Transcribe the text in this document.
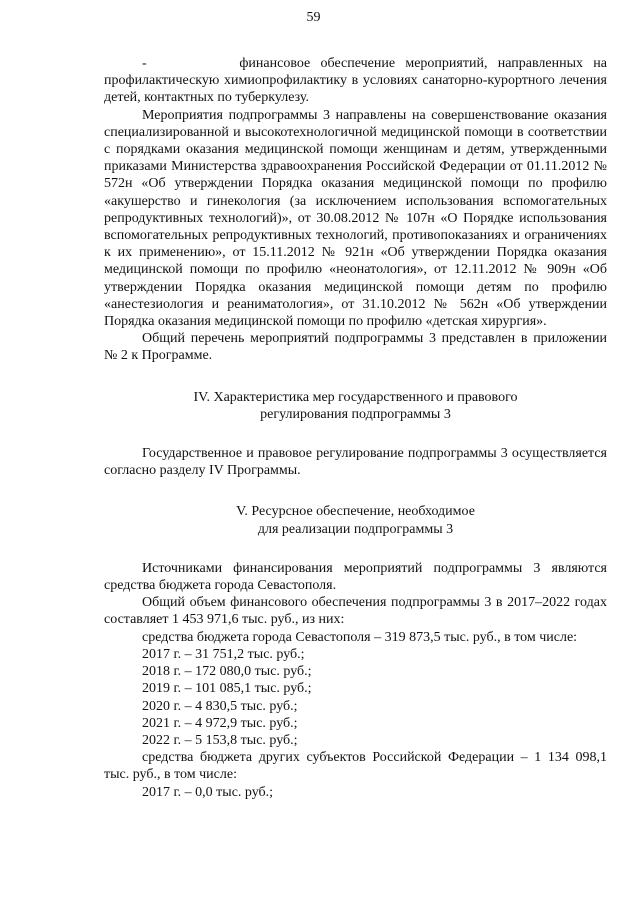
59

-         финансовое обеспечение мероприятий, направленных на профилактическую химиопрофилактику в условиях санаторно-курортного лечения детей, контактных по туберкулезу.

Мероприятия подпрограммы 3 направлены на совершенствование оказания специализированной и высокотехнологичной медицинской помощи в соответствии с порядками оказания медицинской помощи женщинам и детям, утвержденными приказами Министерства здравоохранения Российской Федерации от 01.11.2012 № 572н «Об утверждении Порядка оказания медицинской помощи по профилю «акушерство и гинекология (за исключением использования вспомогательных репродуктивных технологий)», от 30.08.2012 № 107н «О Порядке использования вспомогательных репродуктивных технологий, противопоказаниях и ограничениях к их применению», от 15.11.2012 № 921н «Об утверждении Порядка оказания медицинской помощи по профилю «неонатология», от 12.11.2012 № 909н «Об утверждении Порядка оказания медицинской помощи детям по профилю «анестезиология и реаниматология», от 31.10.2012 № 562н «Об утверждении Порядка оказания медицинской помощи по профилю «детская хирургия».

Общий перечень мероприятий подпрограммы 3 представлен в приложении № 2 к Программе.

IV. Характеристика мер государственного и правового
регулирования подпрограммы 3

Государственное и правовое регулирование подпрограммы 3 осуществляется согласно разделу IV Программы.

V. Ресурсное обеспечение, необходимое
для реализации подпрограммы 3

Источниками финансирования мероприятий подпрограммы 3 являются средства бюджета города Севастополя.

Общий объем финансового обеспечения подпрограммы 3 в 2017–2022 годах составляет 1 453 971,6 тыс. руб., из них:

средства бюджета города Севастополя – 319 873,5 тыс. руб., в том числе:

2017 г. – 31 751,2 тыс. руб.;

2018 г. – 172 080,0 тыс. руб.;

2019 г. – 101 085,1 тыс. руб.;

2020 г. – 4 830,5 тыс. руб.;

2021 г. – 4 972,9 тыс. руб.;

2022 г. – 5 153,8 тыс. руб.;

средства бюджета других субъектов Российской Федерации – 1 134 098,1 тыс. руб., в том числе:

2017 г. – 0,0 тыс. руб.;
